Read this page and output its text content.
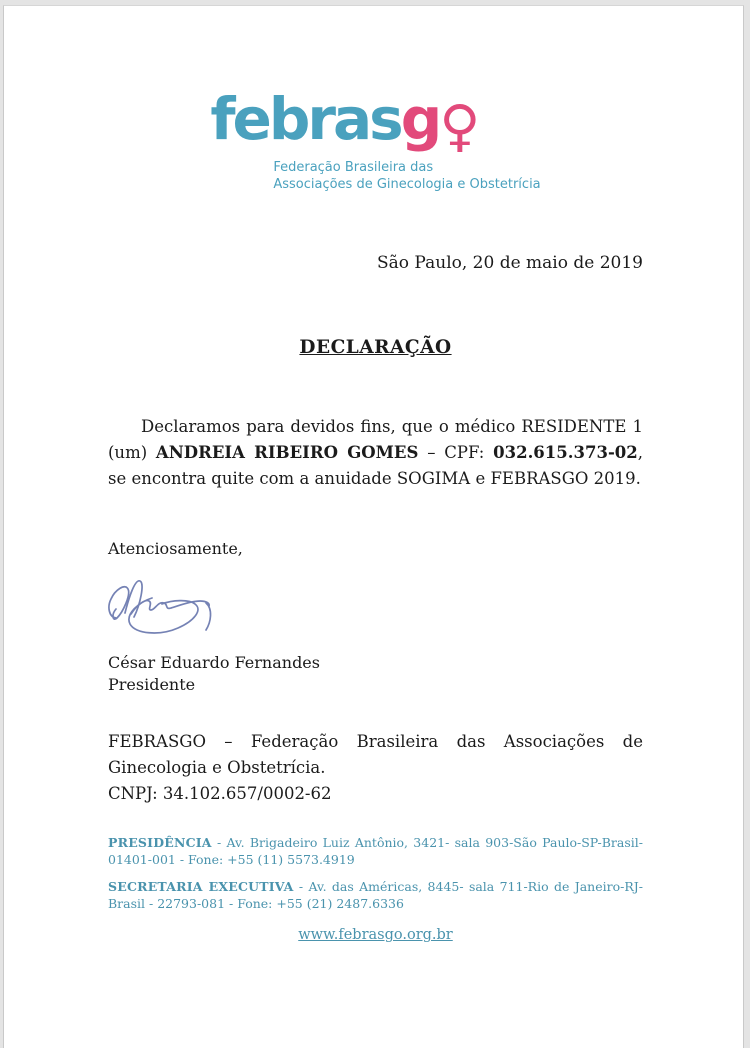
febrasg♀
Federação Brasileira das
Associações de Ginecologia e Obstetrícia

São Paulo, 20 de maio de 2019

DECLARAÇÃO

Declaramos para devidos fins, que o médico RESIDENTE 1 (um) ANDREIA RIBEIRO GOMES – CPF: 032.615.373-02, se encontra quite com a anuidade SOGIMA e FEBRASGO 2019.

Atenciosamente,

César Eduardo Fernandes
Presidente

FEBRASGO – Federação Brasileira das Associações de Ginecologia e Obstetrícia.

CNPJ: 34.102.657/0002-62

PRESIDÊNCIA - Av. Brigadeiro Luiz Antônio, 3421- sala 903-São Paulo-SP-Brasil- 01401-001 - Fone: +55 (11) 5573.4919

SECRETARIA EXECUTIVA - Av. das Américas, 8445- sala 711-Rio de Janeiro-RJ-Brasil - 22793-081 - Fone: +55 (21) 2487.6336

www.febrasgo.org.br
